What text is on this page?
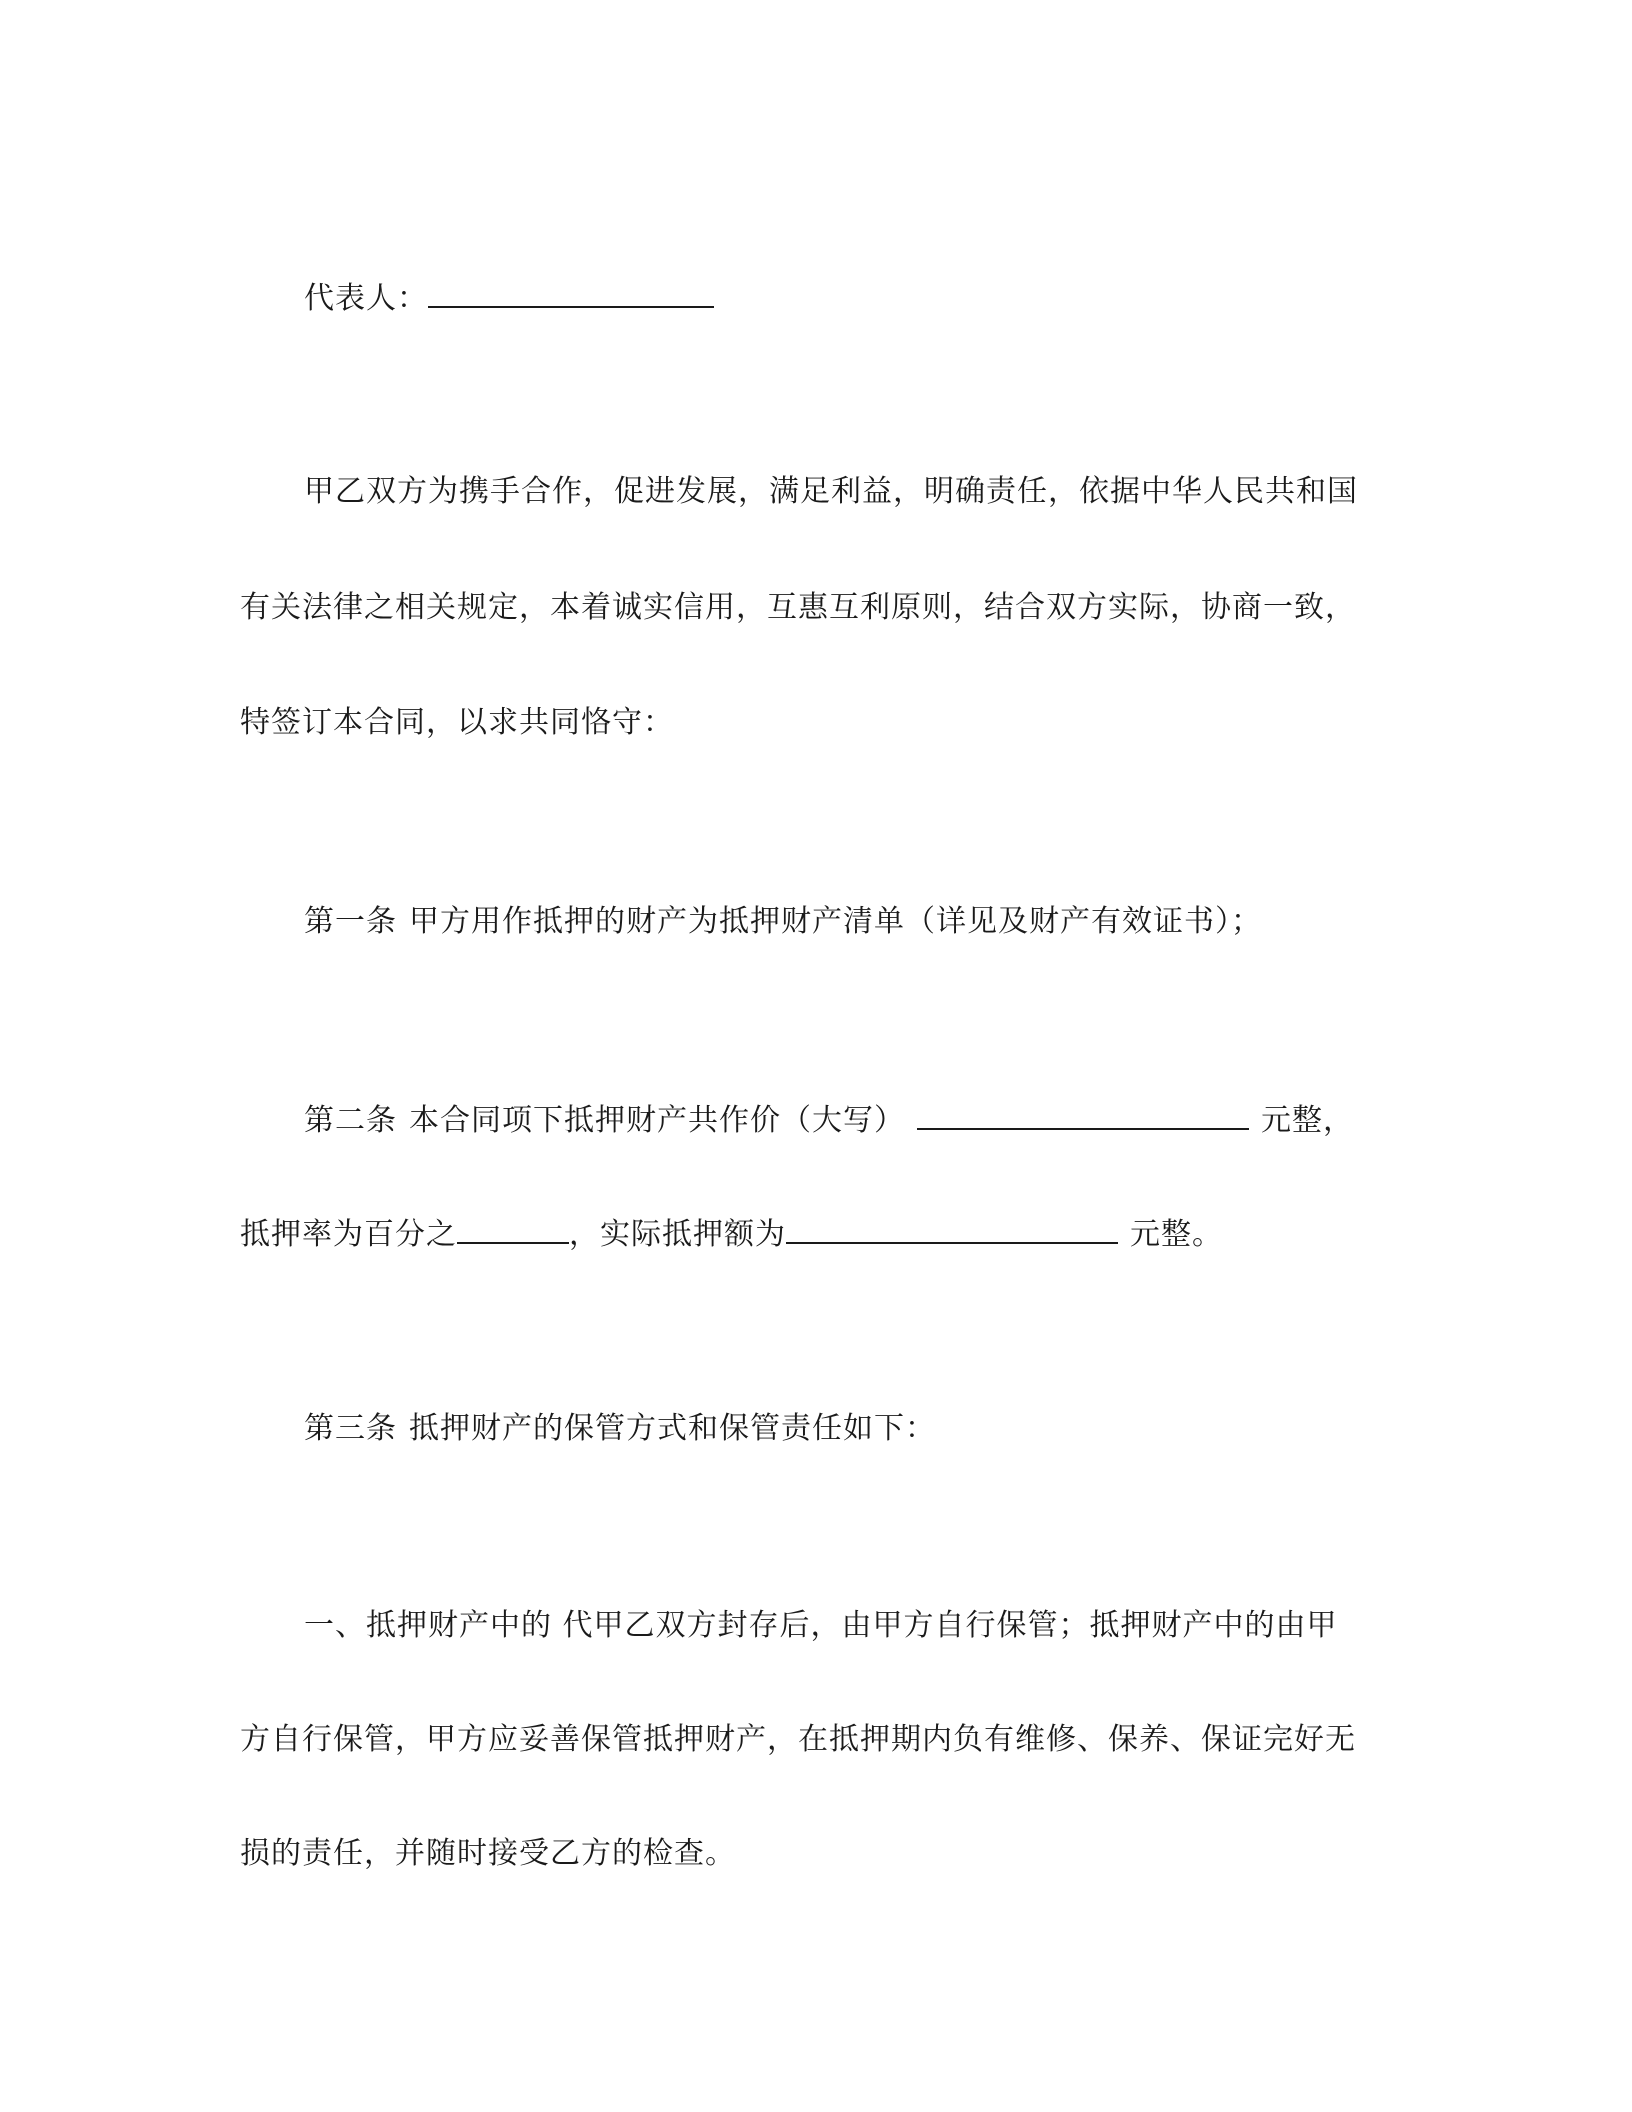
代表人：
甲乙双方为携手合作，促进发展，满足利益，明确责任，依据中华人民共和国
有关法律之相关规定，本着诚实信用，互惠互利原则，结合双方实际，协商一致，
特签订本合同，以求共同恪守：
第一条 甲方用作抵押的财产为抵押财产清单（详见及财产有效证书）；
第二条 本合同项下抵押财产共作价（大写）	元整，
抵押率为百分之	，实际抵押额为	元整。
第三条 抵押财产的保管方式和保管责任如下：
一、抵押财产中的 代甲乙双方封存后，由甲方自行保管；抵押财产中的由甲
方自行保管，甲方应妥善保管抵押财产，在抵押期内负有维修、保养、保证完好无
损的责任，并随时接受乙方的检查。
